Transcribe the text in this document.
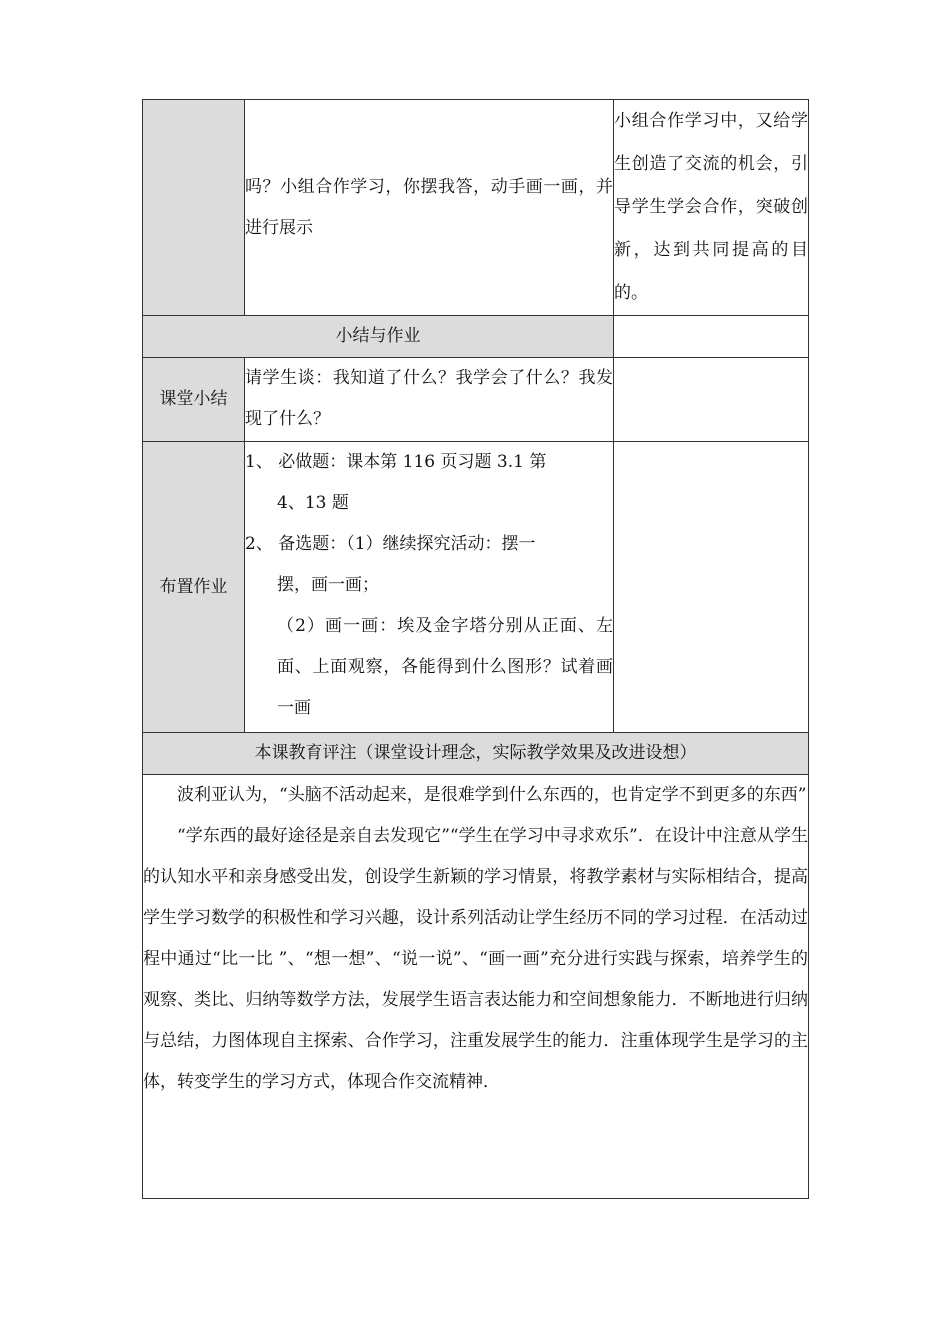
	吗？小组合作学习，你摆我答，动手画一画，并进行展示	小组合作学习中，又给学生创造了交流的机会，引导学生学会合作，突破创新，达到共同提高的目的。
小结与作业		
课堂小结	请学生谈：我知道了什么？我学会了什么？我发现了什么？	
布置作业	1、 必做题：课本第 116 页习题 3.1 第
4、13 题
2、 备选题：（1）继续探究活动：摆一
摆，画一画；
（2）画一画：埃及金字塔分别从正面、左面、上面观察，各能得到什么图形？试着画一画	

本课教育评注（课堂设计理念，实际教学效果及改进设想）		

波利亚认为，“头脑不活动起来，是很难学到什么东西的，也肯定学不到更多的东西”

“学东西的最好途径是亲自去发现它”“学生在学习中寻求欢乐”．在设计中注意从学生的认知水平和亲身感受出发，创设学生新颖的学习情景，将教学素材与实际相结合，提高学生学习数学的积极性和学习兴趣，设计系列活动让学生经历不同的学习过程．在活动过程中通过“比一比 ”、“想一想”、“说一说”、“画一画”充分进行实践与探索，培养学生的观察、类比、归纳等数学方法，发展学生语言表达能力和空间想象能力．不断地进行归纳与总结，力图体现自主探索、合作学习，注重发展学生的能力．注重体现学生是学习的主体，转变学生的学习方式，体现合作交流精神．		
